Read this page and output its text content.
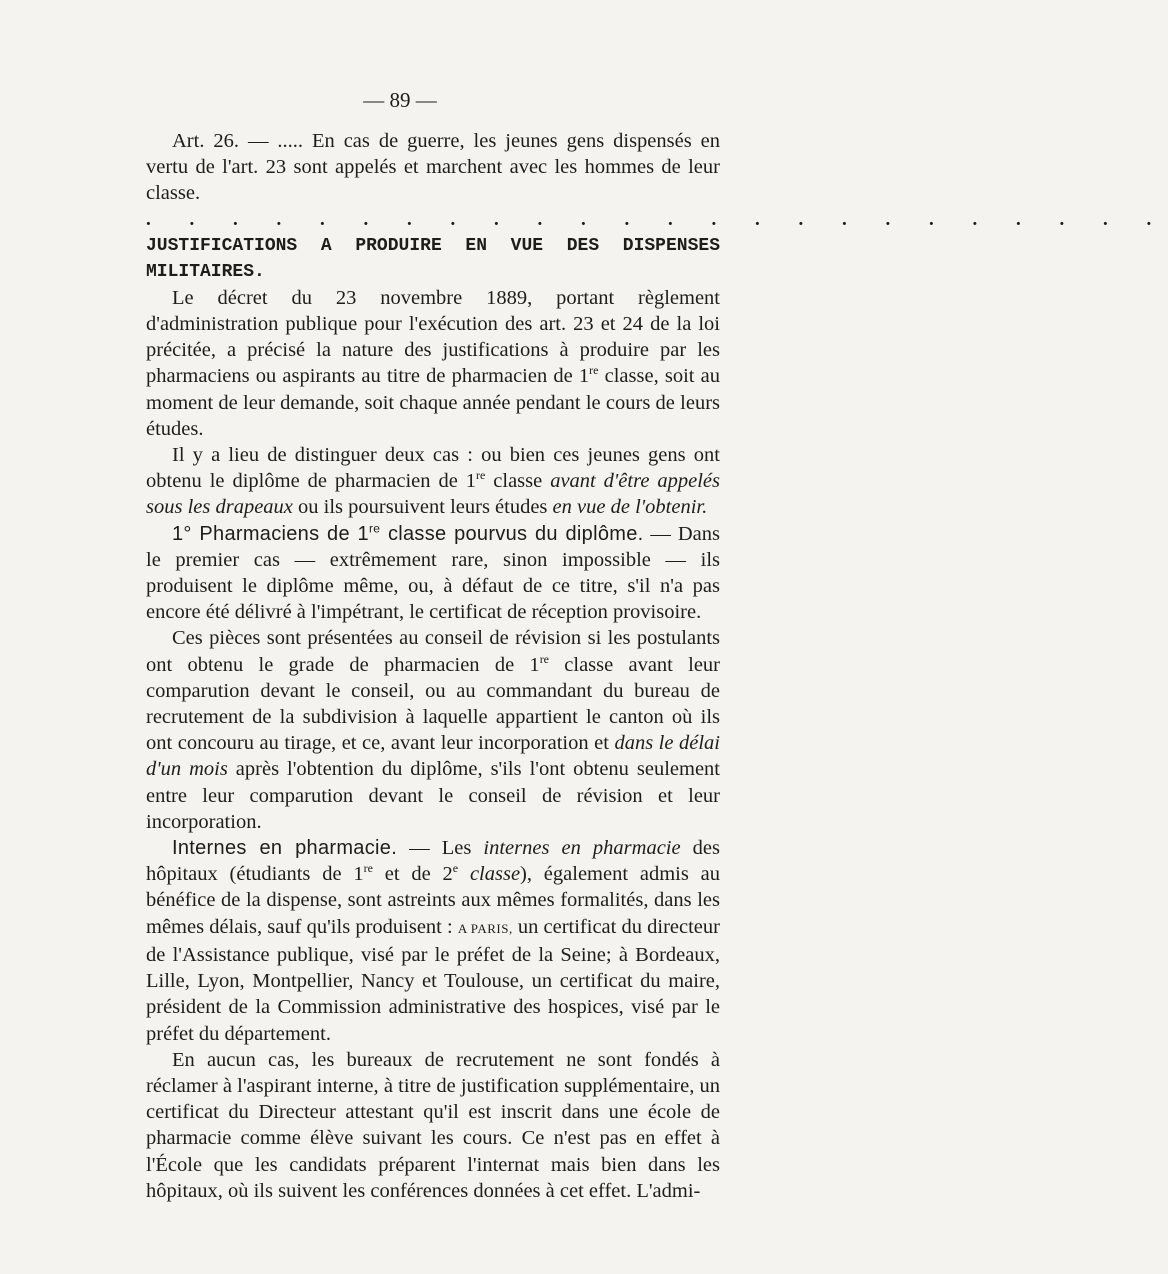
— 89 —

Art. 26. — ..... En cas de guerre, les jeunes gens dispensés en vertu de l'art. 23 sont appelés et marchent avec les hommes de leur classe.

. . . . . . . . . . . . . . . . . . . . . . . .

JUSTIFICATIONS A PRODUIRE EN VUE DES DISPENSES MILITAIRES.

Le décret du 23 novembre 1889, portant règlement d'administration publique pour l'exécution des art. 23 et 24 de la loi précitée, a précisé la nature des justifications à produire par les pharmaciens ou aspirants au titre de pharmacien de 1re classe, soit au moment de leur demande, soit chaque année pendant le cours de leurs études.

Il y a lieu de distinguer deux cas : ou bien ces jeunes gens ont obtenu le diplôme de pharmacien de 1re classe avant d'être appelés sous les drapeaux ou ils poursuivent leurs études en vue de l'obtenir.

1° Pharmaciens de 1re classe pourvus du diplôme. — Dans le premier cas — extrêmement rare, sinon impossible — ils produisent le diplôme même, ou, à défaut de ce titre, s'il n'a pas encore été délivré à l'impétrant, le certificat de réception provisoire.

Ces pièces sont présentées au conseil de révision si les postulants ont obtenu le grade de pharmacien de 1re classe avant leur comparution devant le conseil, ou au commandant du bureau de recrutement de la subdivision à laquelle appartient le canton où ils ont concouru au tirage, et ce, avant leur incorporation et dans le délai d'un mois après l'obtention du diplôme, s'ils l'ont obtenu seulement entre leur comparution devant le conseil de révision et leur incorporation.

Internes en pharmacie. — Les internes en pharmacie des hôpitaux (étudiants de 1re et de 2e classe), également admis au bénéfice de la dispense, sont astreints aux mêmes formalités, dans les mêmes délais, sauf qu'ils produisent : A PARIS, un certificat du directeur de l'Assistance publique, visé par le préfet de la Seine; à Bordeaux, Lille, Lyon, Montpellier, Nancy et Toulouse, un certificat du maire, président de la Commission administrative des hospices, visé par le préfet du département.

En aucun cas, les bureaux de recrutement ne sont fondés à réclamer à l'aspirant interne, à titre de justification supplémentaire, un certificat du Directeur attestant qu'il est inscrit dans une école de pharmacie comme élève suivant les cours. Ce n'est pas en effet à l'École que les candidats préparent l'internat mais bien dans les hôpitaux, où ils suivent les conférences données à cet effet. L'admi-
